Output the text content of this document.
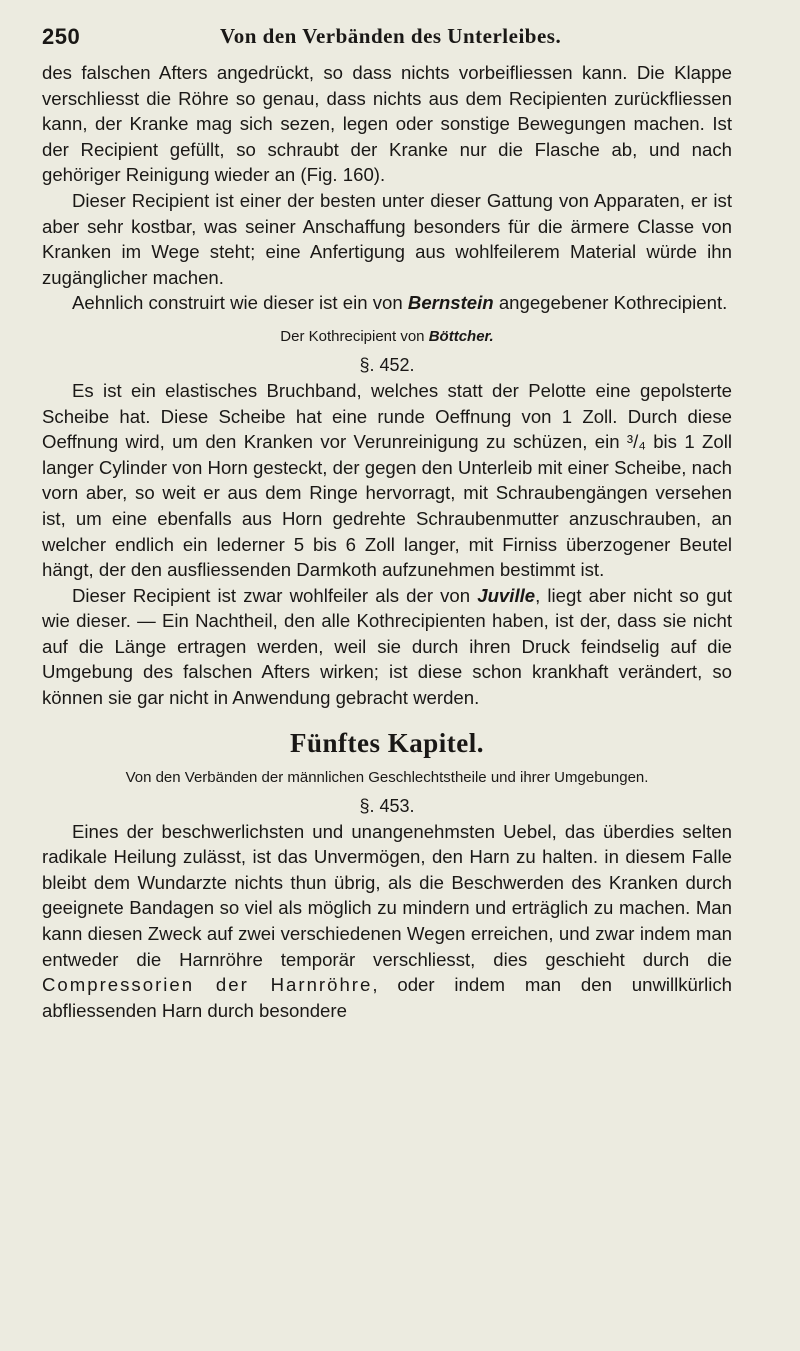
250	Von den Verbänden des Unterleibes.

des falschen Afters angedrückt, so dass nichts vorbeifliessen kann. Die Klappe verschliesst die Röhre so genau, dass nichts aus dem Recipienten zurückfliessen kann, der Kranke mag sich sezen, legen oder sonstige Bewegungen machen. Ist der Recipient gefüllt, so schraubt der Kranke nur die Flasche ab, und nach gehöriger Reinigung wieder an (Fig. 160).

Dieser Recipient ist einer der besten unter dieser Gattung von Apparaten, er ist aber sehr kostbar, was seiner Anschaffung besonders für die ärmere Classe von Kranken im Wege steht; eine Anfertigung aus wohlfeilerem Material würde ihn zugänglicher machen.

Aehnlich construirt wie dieser ist ein von Bernstein angegebener Kothrecipient.

Der Kothrecipient von Böttcher.
§. 452.

Es ist ein elastisches Bruchband, welches statt der Pelotte eine gepolsterte Scheibe hat. Diese Scheibe hat eine runde Oeffnung von 1 Zoll. Durch diese Oeffnung wird, um den Kranken vor Verunreinigung zu schüzen, ein ³/₄ bis 1 Zoll langer Cylinder von Horn gesteckt, der gegen den Unterleib mit einer Scheibe, nach vorn aber, so weit er aus dem Ringe hervorragt, mit Schraubengängen versehen ist, um eine ebenfalls aus Horn gedrehte Schraubenmutter anzuschrauben, an welcher endlich ein lederner 5 bis 6 Zoll langer, mit Firniss überzogener Beutel hängt, der den ausfliessenden Darmkoth aufzunehmen bestimmt ist.

Dieser Recipient ist zwar wohlfeiler als der von Juville, liegt aber nicht so gut wie dieser. — Ein Nachtheil, den alle Kothrecipienten haben, ist der, dass sie nicht auf die Länge ertragen werden, weil sie durch ihren Druck feindselig auf die Umgebung des falschen Afters wirken; ist diese schon krankhaft verändert, so können sie gar nicht in Anwendung gebracht werden.

Fünftes Kapitel.
Von den Verbänden der männlichen Geschlechtstheile und ihrer Umgebungen.
§. 453.

Eines der beschwerlichsten und unangenehmsten Uebel, das überdies selten radikale Heilung zulässt, ist das Unvermögen, den Harn zu halten. in diesem Falle bleibt dem Wundarzte nichts thun übrig, als die Beschwerden des Kranken durch geeignete Bandagen so viel als möglich zu mindern und erträglich zu machen. Man kann diesen Zweck auf zwei verschiedenen Wegen erreichen, und zwar indem man entweder die Harnröhre temporär verschliesst, dies geschieht durch die Compressorien der Harnröhre, oder indem man den unwillkürlich abfliessenden Harn durch besondere
